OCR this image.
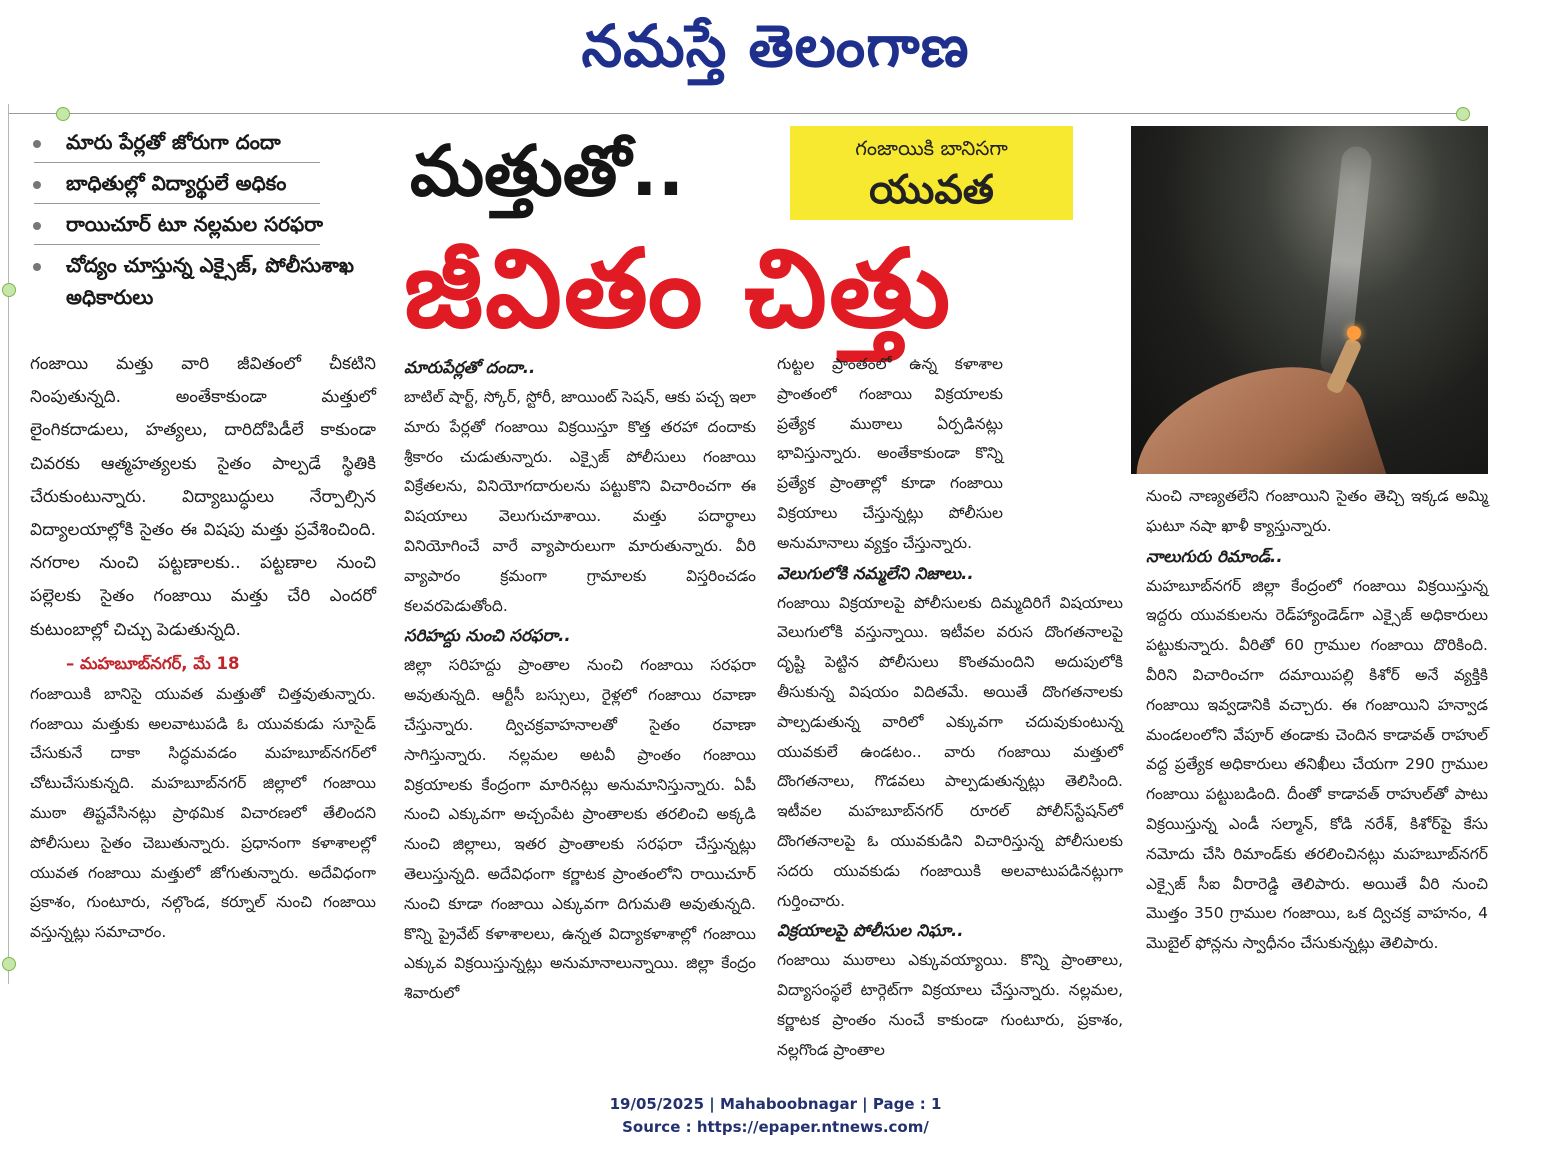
నమస్తే తెలంగాణ
మారు పేర్లతో జోరుగా దందా
బాధితుల్లో విద్యార్థులే అధికం
రాయిచూర్ టూ నల్లమల సరఫరా
చోద్యం చూస్తున్న ఎక్సైజ్, పోలీసుశాఖ అధికారులు
మత్తుతో..	గంజాయికి బానిసగా
యువత
జీవితం చిత్తు

గంజాయి మత్తు వారి జీవితంలో చీకటిని నింపుతున్నది. అంతేకాకుండా మత్తులో లైంగికదాడులు, హత్యలు, దారిదోపిడీలే కాకుండా చివరకు ఆత్మహత్యలకు సైతం పాల్పడే స్థితికి చేరుకుంటున్నారు. విద్యాబుద్ధులు నేర్పాల్సిన విద్యాలయాల్లోకి సైతం ఈ విషపు మత్తు ప్రవేశించింది. నగరాల నుంచి పట్టణాలకు.. పట్టణాల నుంచి పల్లెలకు సైతం గంజాయి మత్తు చేరి ఎందరో కుటుంబాల్లో చిచ్చు పెడుతున్నది.

– మహబూబ్‌నగర్, మే 18

గంజాయికి బానిసై యువత మత్తుతో చిత్తవుతున్నారు. గంజాయి మత్తుకు అలవాటుపడి ఓ యువకుడు సూసైడ్ చేసుకునే దాకా సిద్ధమవడం మహబూబ్‌నగర్‌లో చోటుచేసుకున్నది. మహబూబ్‌నగర్ జిల్లాలో గంజాయి ముఠా తిష్టవేసినట్లు ప్రాథమిక విచారణలో తేలిందని పోలీసులు సైతం చెబుతున్నారు. ప్రధానంగా కళాశాలల్లో యువత గంజాయి మత్తులో జోగుతున్నారు. అదేవిధంగా ప్రకాశం, గుంటూరు, నల్గొండ, కర్నూల్ నుంచి గంజాయి వస్తున్నట్లు సమాచారం.

మారుపేర్లతో దందా..

బాటిల్ షార్ట్, స్కోర్, స్టోరీ, జాయింట్ సెషన్, ఆకు పచ్చ ఇలా మారు పేర్లతో గంజాయి విక్రయిస్తూ కొత్త తరహా దందాకు శ్రీకారం చుడుతున్నారు. ఎక్సైజ్ పోలీసులు గంజాయి విక్రేతలను, వినియోగదారులను పట్టుకొని విచారించగా ఈ విషయాలు వెలుగుచూశాయి. మత్తు పదార్థాలు వినియోగించే వారే వ్యాపారులుగా మారుతున్నారు. వీరి వ్యాపారం క్రమంగా గ్రామాలకు విస్తరించడం కలవరపెడుతోంది.

సరిహద్దు నుంచి సరఫరా..

జిల్లా సరిహద్దు ప్రాంతాల నుంచి గంజాయి సరఫరా అవుతున్నది. ఆర్టీసీ బస్సులు, రైళ్లలో గంజాయి రవాణా చేస్తున్నారు. ద్విచక్రవాహనాలతో సైతం రవాణా సాగిస్తున్నారు. నల్లమల అటవీ ప్రాంతం గంజాయి విక్రయాలకు కేంద్రంగా మారినట్లు అనుమానిస్తున్నారు. ఏపీ నుంచి ఎక్కువగా అచ్చంపేట ప్రాంతాలకు తరలించి అక్కడి నుంచి జిల్లాలు, ఇతర ప్రాంతాలకు సరఫరా చేస్తున్నట్లు తెలుస్తున్నది. అదేవిధంగా కర్ణాటక ప్రాంతంలోని రాయిచూర్ నుంచి కూడా గంజాయి ఎక్కువగా దిగుమతి అవుతున్నది. కొన్ని ప్రైవేట్ కళాశాలలు, ఉన్నత విద్యాకళాశాల్లో గంజాయి ఎక్కువ విక్రయిస్తున్నట్లు అనుమానాలున్నాయి. జిల్లా కేంద్రం శివారులో

గుట్టల ప్రాంతంలో ఉన్న కళాశాల ప్రాంతంలో గంజాయి విక్రయాలకు ప్రత్యేక ముఠాలు ఏర్పడినట్లు భావిస్తున్నారు. అంతేకాకుండా కొన్ని ప్రత్యేక ప్రాంతాల్లో కూడా గంజాయి విక్రయాలు చేస్తున్నట్లు పోలీసుల అనుమానాలు వ్యక్తం చేస్తున్నారు.

వెలుగులోకి నమ్మలేని నిజాలు..

గంజాయి విక్రయాలపై పోలీసులకు దిమ్మదిరిగే విషయాలు వెలుగులోకి వస్తున్నాయి. ఇటీవల వరుస దొంగతనాలపై దృష్టి పెట్టిన పోలీసులు కొంతమందిని అదుపులోకి తీసుకున్న విషయం విదితమే. అయితే దొంగతనాలకు పాల్పడుతున్న వారిలో ఎక్కువగా చదువుకుంటున్న యువకులే ఉండటం.. వారు గంజాయి మత్తులో దొంగతనాలు, గొడవలు పాల్పడుతున్నట్లు తెలిసింది. ఇటీవల మహబూబ్‌నగర్ రూరల్ పోలీస్‌స్టేషన్‌లో దొంగతనాలపై ఓ యువకుడిని విచారిస్తున్న పోలీసులకు సదరు యువకుడు గంజాయికి అలవాటుపడినట్లుగా గుర్తించారు.

విక్రయాలపై పోలీసుల నిఘా..

గంజాయి ముఠాలు ఎక్కువయ్యాయి. కొన్ని ప్రాంతాలు, విద్యాసంస్థలే టార్గెట్‌గా విక్రయాలు చేస్తున్నారు. నల్లమల, కర్ణాటక ప్రాంతం నుంచే కాకుండా గుంటూరు, ప్రకాశం, నల్లగొండ ప్రాంతాల

నుంచి నాణ్యతలేని గంజాయిని సైతం తెచ్చి ఇక్కడ అమ్మి ఘటూ నషా ఖాళీ క్యాస్తున్నారు.

నాలుగురు రిమాండ్..

మహబూబ్‌నగర్ జిల్లా కేంద్రంలో గంజాయి విక్రయిస్తున్న ఇద్దరు యువకులను రెడ్‌హ్యాండెడ్‌గా ఎక్సైజ్ అధికారులు పట్టుకున్నారు. వీరితో 60 గ్రాముల గంజాయి దొరికింది. వీరిని విచారించగా దమాయిపల్లి కిశోర్ అనే వ్యక్తికి గంజాయి ఇవ్వడానికి వచ్చారు. ఈ గంజాయిని హన్వాడ మండలంలోని వేపూర్ తండాకు చెందిన కాడావత్ రాహుల్ వద్ద ప్రత్యేక అధికారులు తనిఖీలు చేయగా 290 గ్రాముల గంజాయి పట్టుబడింది. దీంతో కాడావత్ రాహుల్‌తో పాటు విక్రయిస్తున్న ఎండీ సల్మాన్, కోడి నరేశ్, కిశోర్‌పై కేసు నమోదు చేసి రిమాండ్‌కు తరలించినట్లు మహబూబ్‌నగర్ ఎక్సైజ్ సీఐ వీరారెడ్డి తెలిపారు. అయితే వీరి నుంచి మొత్తం 350 గ్రాముల గంజాయి, ఒక ద్విచక్ర వాహనం, 4 మొబైల్ ఫోన్లను స్వాధీనం చేసుకున్నట్లు తెలిపారు.

19/05/2025 | Mahaboobnagar | Page : 1
Source : https://epaper.ntnews.com/
